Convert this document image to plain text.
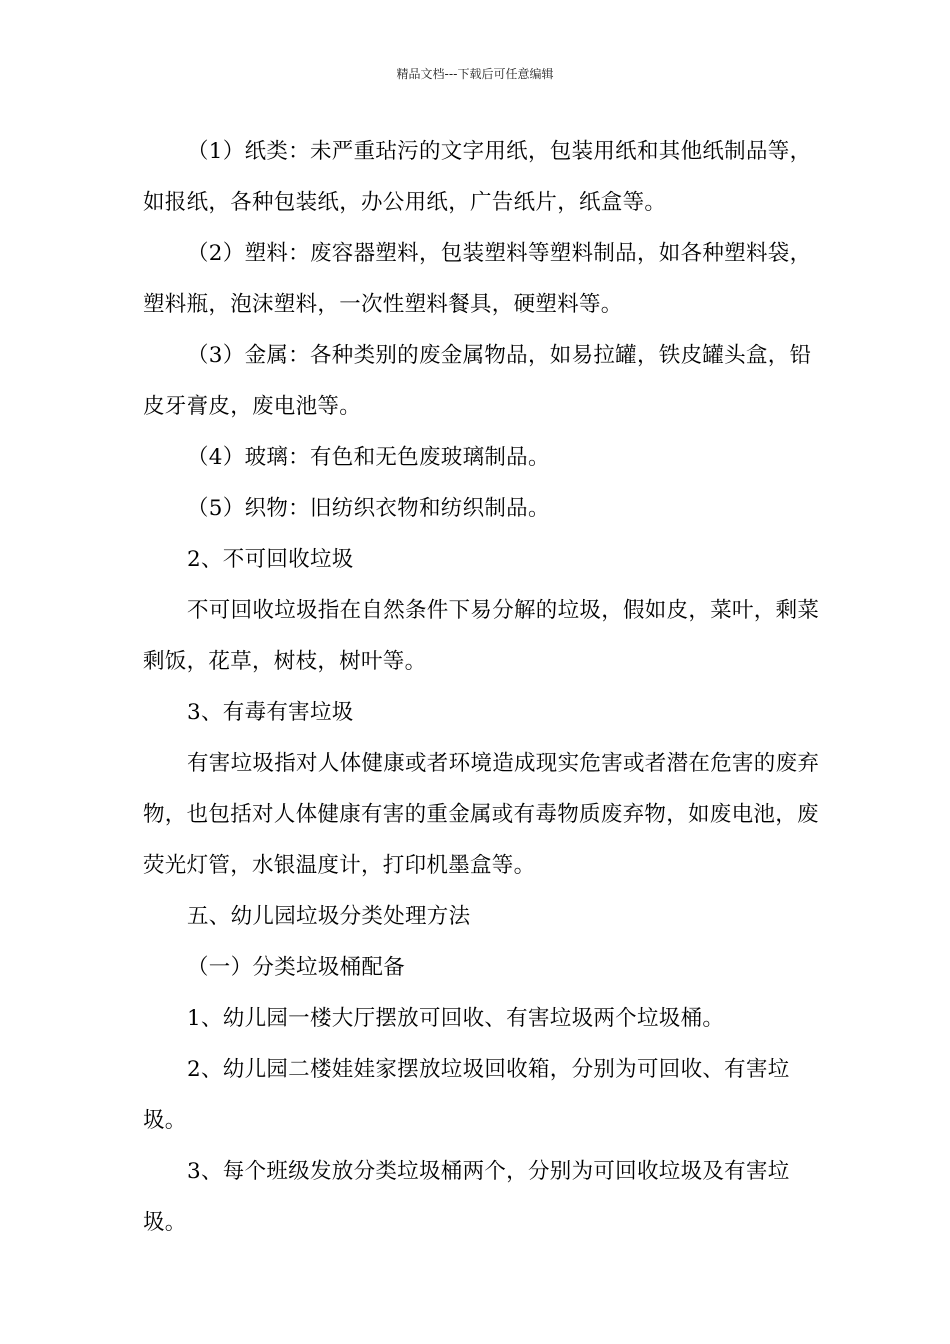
精品文档---下载后可任意编辑

（1）纸类：未严重玷污的文字用纸，包装用纸和其他纸制品等，如报纸，各种包装纸，办公用纸，广告纸片，纸盒等。

（2）塑料：废容器塑料，包装塑料等塑料制品，如各种塑料袋，塑料瓶，泡沫塑料，一次性塑料餐具，硬塑料等。

（3）金属：各种类别的废金属物品，如易拉罐，铁皮罐头盒，铅皮牙膏皮，废电池等。

（4）玻璃：有色和无色废玻璃制品。

（5）织物：旧纺织衣物和纺织制品。

2、不可回收垃圾

不可回收垃圾指在自然条件下易分解的垃圾，假如皮，菜叶，剩菜剩饭，花草，树枝，树叶等。

3、有毒有害垃圾

有害垃圾指对人体健康或者环境造成现实危害或者潜在危害的废弃物，也包括对人体健康有害的重金属或有毒物质废弃物，如废电池，废荧光灯管，水银温度计，打印机墨盒等。

五、幼儿园垃圾分类处理方法

（一）分类垃圾桶配备

1、幼儿园一楼大厅摆放可回收、有害垃圾两个垃圾桶。

2、幼儿园二楼娃娃家摆放垃圾回收箱，分别为可回收、有害垃圾。

3、每个班级发放分类垃圾桶两个，分别为可回收垃圾及有害垃圾。
